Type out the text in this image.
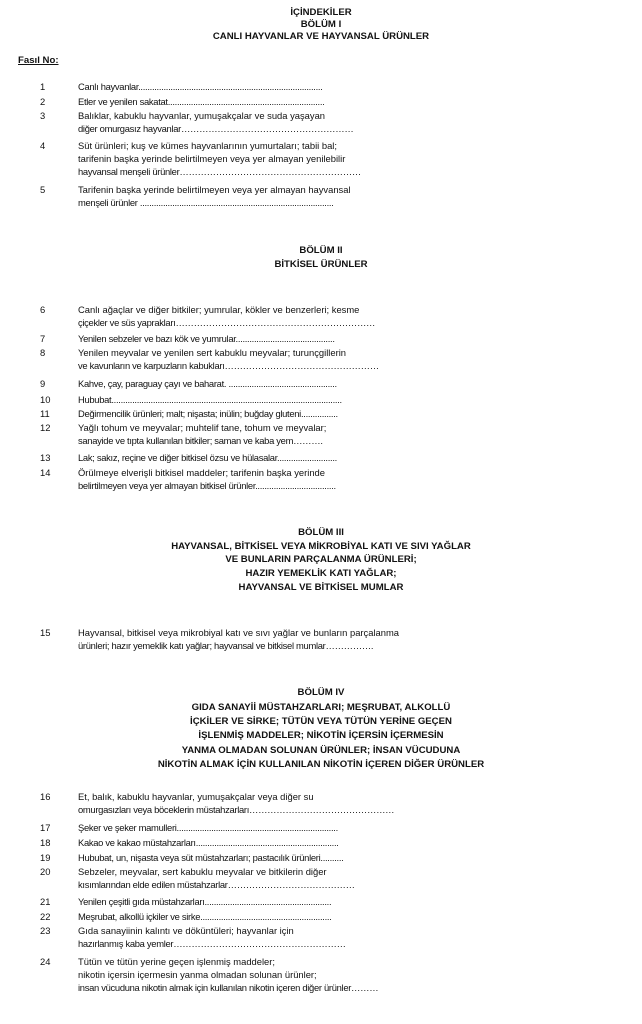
İÇİNDEKİLER

BÖLÜM I

CANLI HAYVANLAR VE HAYVANSAL ÜRÜNLER

Fasıl No:

1	Canlı hayvanlar................................................................................
2	Etler ve yenilen sakatat....................................................................
3	Balıklar, kabuklu hayvanlar, yumuşakçalar ve suda yaşayan
diğer omurgasız hayvanlar…………………………………………………
4	Süt ürünleri; kuş ve kümes hayvanlarının yumurtaları; tabii bal;
tarifenin başka yerinde belirtilmeyen veya yer almayan yenilebilir
hayvansal menşeli ürünler……………………………………………………
5	Tarifenin başka yerinde belirtilmeyen veya yer almayan hayvansal
menşeli ürünler ....................................................................................

BÖLÜM II

BİTKİSEL ÜRÜNLER

6	Canlı ağaçlar ve diğer bitkiler; yumrular, kökler ve benzerleri; kesme
çiçekler ve süs yaprakları…………………………………………………………
7	Yenilen sebzeler ve bazı kök ve yumrular...........................................
8	Yenilen meyvalar ve yenilen sert kabuklu meyvalar; turunçgillerin
ve kavunların ve karpuzların kabukları……………………………………………
9	Kahve, çay, paraguay çayı ve baharat. ...............................................
10	Hububat....................................................................................................
11	Değirmencilik ürünleri; malt; nişasta; inülin; buğday gluteni................
12	Yağlı tohum ve meyvalar; muhtelif tane, tohum ve meyvalar;
sanayide ve tıpta kullanılan bitkiler; saman ve kaba yem……….
13	Lak; sakız, reçine ve diğer bitkisel özsu ve hülasalar..........................
14	Örülmeye elverişli bitkisel maddeler; tarifenin başka yerinde
belirtilmeyen veya yer almayan bitkisel ürünler...................................

BÖLÜM III

HAYVANSAL, BİTKİSEL VEYA MİKROBİYAL KATI VE SIVI YAĞLAR

VE BUNLARIN PARÇALANMA ÜRÜNLERİ;

HAZIR YEMEKLİK KATI YAĞLAR;

HAYVANSAL VE BİTKİSEL MUMLAR

15	Hayvansal, bitkisel veya mikrobiyal katı ve sıvı yağlar ve bunların parçalanma
ürünleri; hazır yemeklik katı yağlar; hayvansal ve bitkisel mumlar…………….

BÖLÜM IV

GIDA SANAYİİ MÜSTAHZARLARI; MEŞRUBAT, ALKOLLÜ

İÇKİLER VE SİRKE; TÜTÜN VEYA TÜTÜN YERİNE GEÇEN

İŞLENMİŞ MADDELER; NİKOTİN İÇERSİN İÇERMESİN

YANMA OLMADAN SOLUNAN ÜRÜNLER; İNSAN VÜCUDUNA

NİKOTİN ALMAK İÇİN KULLANILAN NİKOTİN İÇEREN DİĞER ÜRÜNLER

16	Et, balık, kabuklu hayvanlar, yumuşakçalar veya diğer su
omurgasızları veya böceklerin müstahzarları…………………………………………
17	Şeker ve şeker mamulleri......................................................................
18	Kakao ve kakao müstahzarları..............................................................
19	Hububat, un, nişasta veya süt müstahzarları; pastacılık ürünleri..........
20	Sebzeler, meyvalar, sert kabuklu meyvalar ve bitkilerin diğer
kısımlarından elde edilen müstahzarlar……………………………………
21	Yenilen çeşitli gıda müstahzarları.......................................................
22	Meşrubat, alkollü içkiler ve sirke.........................................................
23	Gıda sanayiinin kalıntı ve döküntüleri; hayvanlar için
hazırlanmış kaba yemler…………………………………………………
24	Tütün ve tütün yerine geçen işlenmiş maddeler;
nikotin içersin içermesin yanma olmadan solunan ürünler;
insan vücuduna nikotin almak için kullanılan nikotin içeren diğer ürünler………
